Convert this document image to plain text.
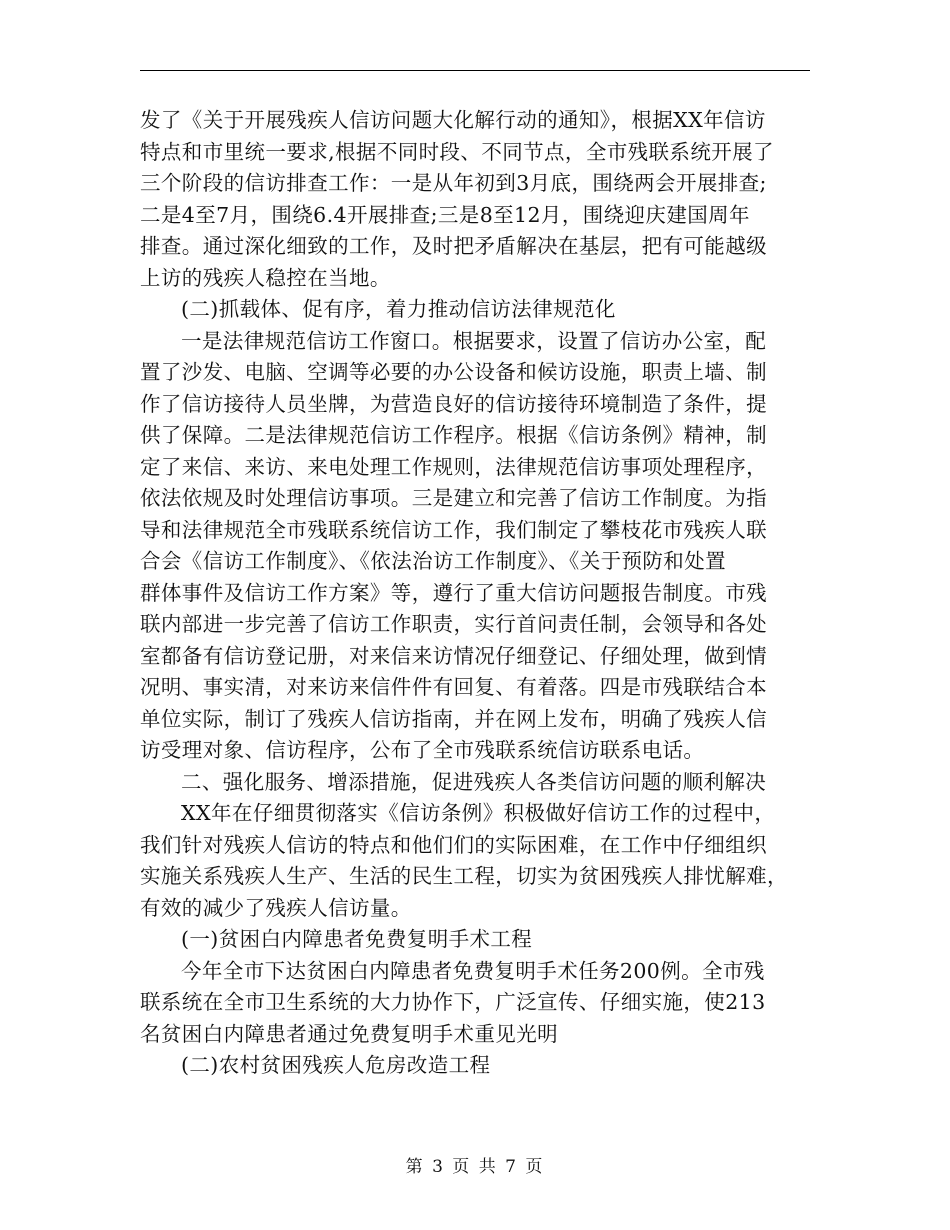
发了《关于开展残疾人信访问题大化解行动的通知》，根据XX年信访
特点和市里统一要求,根据不同时段、不同节点，全市残联系统开展了
三个阶段的信访排查工作：一是从年初到3月底，围绕两会开展排查;
二是4至7月，围绕6.4开展排查;三是8至12月，围绕迎庆建国周年
排查。通过深化细致的工作，及时把矛盾解决在基层，把有可能越级
上访的残疾人稳控在当地。
(二)抓载体、促有序，着力推动信访法律规范化
一是法律规范信访工作窗口。根据要求，设置了信访办公室，配
置了沙发、电脑、空调等必要的办公设备和候访设施，职责上墙、制
作了信访接待人员坐牌，为营造良好的信访接待环境制造了条件，提
供了保障。二是法律规范信访工作程序。根据《信访条例》精神，制
定了来信、来访、来电处理工作规则，法律规范信访事项处理程序，
依法依规及时处理信访事项。三是建立和完善了信访工作制度。为指
导和法律规范全市残联系统信访工作，我们制定了攀枝花市残疾人联
合会《信访工作制度》、《依法治访工作制度》、《关于预防和处置
群体事件及信访工作方案》等，遵行了重大信访问题报告制度。市残
联内部进一步完善了信访工作职责，实行首问责任制，会领导和各处
室都备有信访登记册，对来信来访情况仔细登记、仔细处理，做到情
况明、事实清，对来访来信件件有回复、有着落。四是市残联结合本
单位实际，制订了残疾人信访指南，并在网上发布，明确了残疾人信
访受理对象、信访程序，公布了全市残联系统信访联系电话。
二、强化服务、增添措施，促进残疾人各类信访问题的顺利解决
XX年在仔细贯彻落实《信访条例》积极做好信访工作的过程中，
我们针对残疾人信访的特点和他们们的实际困难，在工作中仔细组织
实施关系残疾人生产、生活的民生工程，切实为贫困残疾人排忧解难，
有效的减少了残疾人信访量。
(一)贫困白内障患者免费复明手术工程
今年全市下达贫困白内障患者免费复明手术任务200例。全市残
联系统在全市卫生系统的大力协作下，广泛宣传、仔细实施，使213
名贫困白内障患者通过免费复明手术重见光明
(二)农村贫困残疾人危房改造工程
第 3 页 共 7 页
